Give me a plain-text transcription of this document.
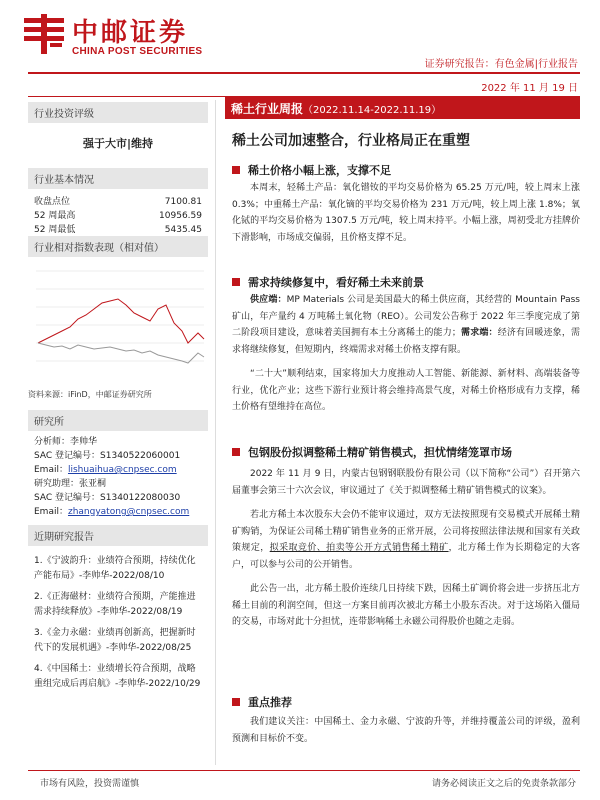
中邮证券
CHINA POST SECURITIES
证券研究报告：有色金属|行业报告
2022 年 11 月 19 日
行业投资评级
强于大市|维持
行业基本情况
收盘点位	7100.81
52 周最高	10956.59
52 周最低	5435.45
行业相对指数表现（相对值）
资料来源：iFinD，中邮证券研究所
研究所
分析师：李帅华
SAC 登记编号：S1340522060001
Email：lishuaihua@cnpsec.com
研究助理：张亚桐
SAC 登记编号：S1340122080030
Email：zhangyatong@cnpsec.com
近期研究报告

1.《宁波韵升：业绩符合预期，持续优化产能布局》-李帅华-2022/08/10

2.《正海磁材：业绩符合预期，产能推进需求持续释放》-李帅华-2022/08/19

3.《金力永磁：业绩再创新高，把握新时代下的发展机遇》-李帅华-2022/08/25

4.《中国稀土：业绩增长符合预期，战略重组完成后再启航》-李帅华-2022/10/29

稀土行业周报（2022.11.14-2022.11.19）
稀土公司加速整合，行业格局正在重塑
稀土价格小幅上涨，支撑不足

本周末，轻稀土产品：氧化镨钕的平均交易价格为 65.25 万元/吨，较上周末上涨 0.3%；中重稀土产品：氧化镝的平均交易价格为 231 万元/吨，较上周上涨 1.8%；氧化铽的平均交易价格为 1307.5 万元/吨，较上周末持平。小幅上涨，周初受北方挂牌价下滑影响，市场成交偏弱，且价格支撑不足。

需求持续修复中，看好稀土未来前景

供应端：MP Materials 公司是美国最大的稀土供应商，其经营的 Mountain Pass 矿山，年产量约 4 万吨稀土氧化物（REO）。公司发公告称于 2022 年三季度完成了第二阶段项目建设，意味着美国拥有本土分离稀土的能力；需求端：经济有回暖迹象，需求将继续修复，但短期内，终端需求对稀土价格支撑有限。

“二十大”顺利结束，国家将加大力度推动人工智能、新能源、新材料、高端装备等行业，优化产业；这些下游行业预计将会维持高景气度，对稀土价格形成有力支撑，稀土价格有望维持在高位。

包钢股份拟调整稀土精矿销售模式，担忧情绪笼罩市场

2022 年 11 月 9 日，内蒙古包钢钢联股份有限公司（以下简称“公司”）召开第六届董事会第三十六次会议，审议通过了《关于拟调整稀土精矿销售模式的议案》。

若北方稀土本次股东大会仍不能审议通过，双方无法按照现有交易模式开展稀土精矿购销，为保证公司稀土精矿销售业务的正常开展，公司将按照法律法规和国家有关政策规定，拟采取竞价、拍卖等公开方式销售稀土精矿，北方稀土作为长期稳定的大客户，可以参与公司的公开销售。

此公告一出，北方稀土股价连续几日持续下跌，因稀土矿调价将会进一步挤压北方稀土目前的利润空间，但这一方案目前再次被北方稀土小股东否决。对于这场陷入僵局的交易，市场对此十分担忧，连带影响稀土永磁公司得股价也随之走弱。

重点推荐

我们建议关注：中国稀土、金力永磁、宁波韵升等，并维持覆盖公司的评级，盈利预测和目标价不变。

市场有风险，投资需谨慎	请务必阅读正文之后的免责条款部分
